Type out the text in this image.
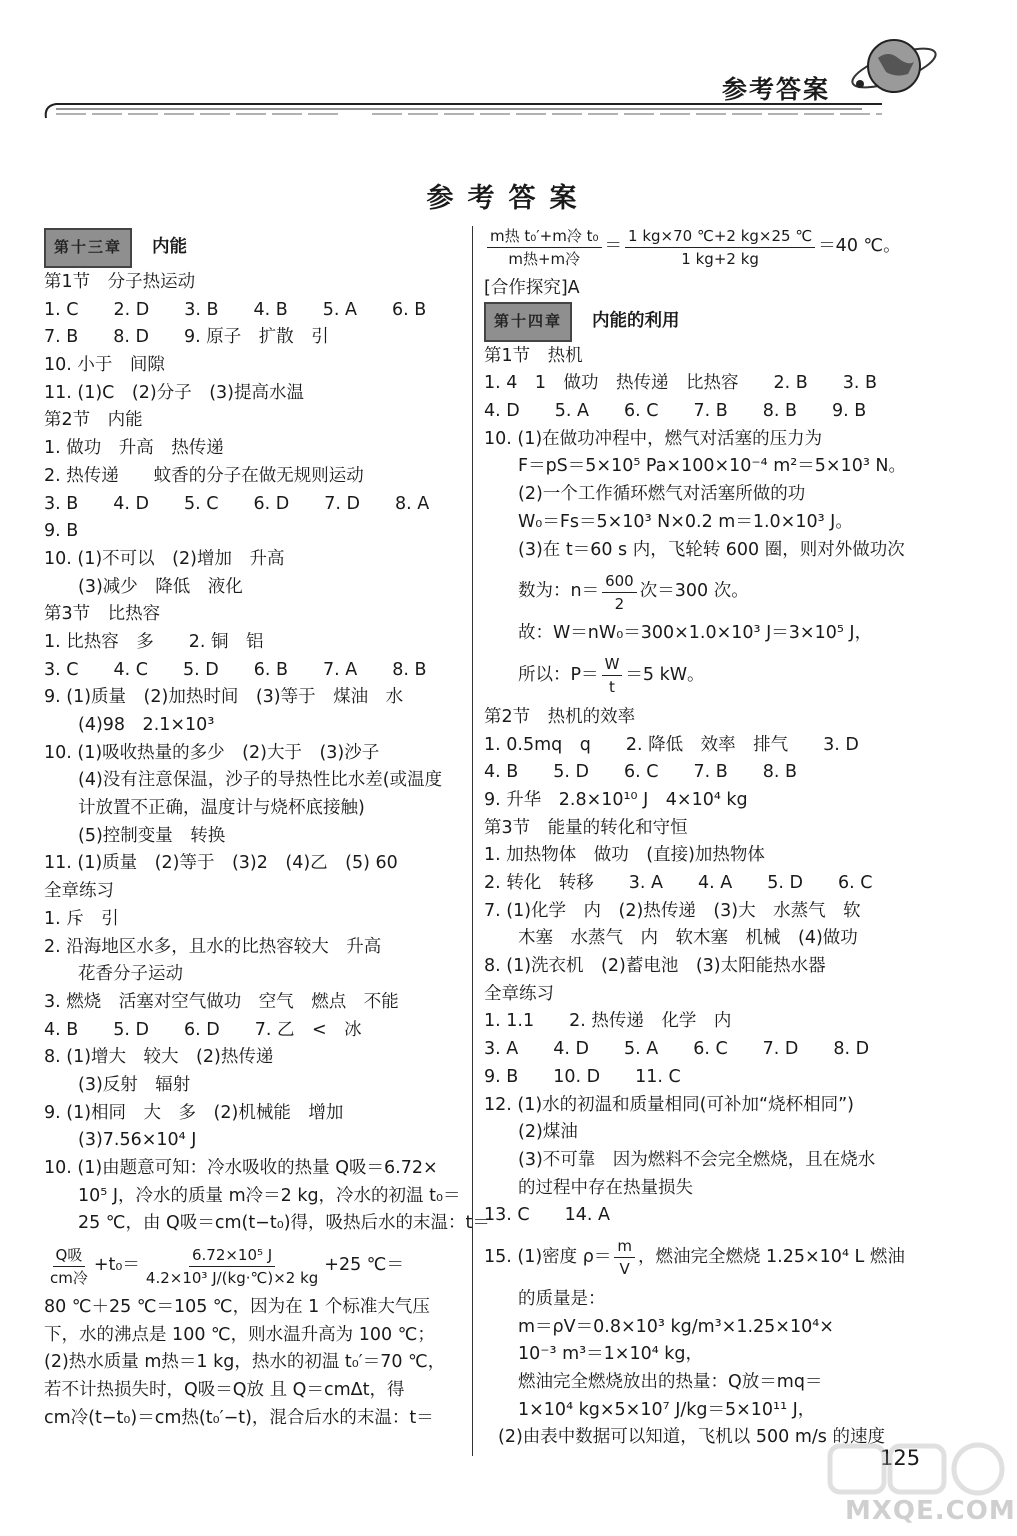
参考答案
参考答案
第十三章	内能
第1节　分子热运动
1. C　　2. D　　3. B　　4. B　　5. A　　6. B
7. B　　8. D　　9. 原子　扩散　引
10. 小于　间隙
11. (1)C　(2)分子　(3)提高水温
第2节　内能
1. 做功　升高　热传递
2. 热传递　　蚊香的分子在做无规则运动
3. B　　4. D　　5. C　　6. D　　7. D　　8. A
9. B
10. (1)不可以　(2)增加　升高
(3)减少　降低　液化
第3节　比热容
1. 比热容　多　　2. 铜　铝
3. C　　4. C　　5. D　　6. B　　7. A　　8. B
9. (1)质量　(2)加热时间　(3)等于　煤油　水
(4)98　2.1×10³
10. (1)吸收热量的多少　(2)大于　(3)沙子
(4)没有注意保温，沙子的导热性比水差(或温度
计放置不正确，温度计与烧杯底接触)
(5)控制变量　转换
11. (1)质量　(2)等于　(3)2　(4)乙　(5) 60
全章练习
1. 斥　引
2. 沿海地区水多，且水的比热容较大　升高
花香分子运动
3. 燃烧　活塞对空气做功　空气　燃点　不能
4. B　　5. D　　6. D　　7. 乙　<　冰
8. (1)增大　较大　(2)热传递
(3)反射　辐射
9. (1)相同　大　多　(2)机械能　增加
(3)7.56×10⁴ J
10. (1)由题意可知：冷水吸收的热量 Q吸＝6.72×
10⁵ J，冷水的质量 m冷＝2 kg，冷水的初温 t₀＝
25 ℃，由 Q吸＝cm(t−t₀)得，吸热后水的末温：t＝
$\frac{\text{Q吸}}{\text{cm冷}} +t_0= \frac{\text{6.72×10⁵ J}}{\text{4.2×10³ J/(kg·℃)×2 kg}} +25$ ℃＝
80 ℃＋25 ℃＝105 ℃，因为在 1 个标准大气压
下，水的沸点是 100 ℃，则水温升高为 100 ℃；
(2)热水质量 m热＝1 kg，热水的初温 t₀′＝70 ℃，
若不计热损失时，Q吸＝Q放 且 Q＝cmΔt，得
cm冷(t−t₀)＝cm热(t₀′−t)，混合后水的末温：t＝
$\frac{\text{m热 t₀′+m冷 t₀}}{\text{m热+m冷}} = \frac{1 kg\times 70 ℃+2 kg\times 25 ℃}{1 kg+2 kg} =40$ ℃。
[合作探究]A
第十四章	内能的利用
第1节　热机
1. 4　1　做功　热传递　比热容　　2. B　　3. B
4. D　　5. A　　6. C　　7. B　　8. B　　9. B
10. (1)在做功冲程中，燃气对活塞的压力为
F＝pS＝5×10⁵ Pa×100×10⁻⁴ m²＝5×10³ N。
(2)一个工作循环燃气对活塞所做的功
W₀＝Fs＝5×10³ N×0.2 m＝1.0×10³ J。
(3)在 t＝60 s 内，飞轮转 600 圈，则对外做功次
数为：$n= \frac{600}{2}$ 次＝300 次。
故：W＝nW₀＝300×1.0×10³ J＝3×10⁵ J，
所以：$P= \frac{W}{t} =5$ kW。
第2节　热机的效率
1. 0.5mq　q　　2. 降低　效率　排气　　3. D
4. B　　5. D　　6. C　　7. B　　8. B
9. 升华　2.8×10¹⁰ J　4×10⁴ kg
第3节　能量的转化和守恒
1. 加热物体　做功　(直接)加热物体
2. 转化　转移　　3. A　　4. A　　5. D　　6. C
7. (1)化学　内　(2)热传递　(3)大　水蒸气　软
木塞　水蒸气　内　软木塞　机械　(4)做功
8. (1)洗衣机　(2)蓄电池　(3)太阳能热水器
全章练习
1. 1.1　　2. 热传递　化学　内
3. A　　4. D　　5. A　　6. C　　7. D　　8. D
9. B　　10. D　　11. C
12. (1)水的初温和质量相同(可补加“烧杯相同”)
(2)煤油
(3)不可靠　因为燃料不会完全燃烧，且在烧水
的过程中存在热量损失
13. C　　14. A
15. (1)密度 $\rho= \frac{m}{V}$ ，燃油完全燃烧 1.25×10⁴ L 燃油
的质量是：
m＝ρV＝0.8×10³ kg/m³×1.25×10⁴×
10⁻³ m³＝1×10⁴ kg，
燃油完全燃烧放出的热量：Q放＝mq＝
1×10⁴ kg×5×10⁷ J/kg＝5×10¹¹ J，
(2)由表中数据可以知道，飞机以 500 m/s 的速度
125
MXQE.COM
